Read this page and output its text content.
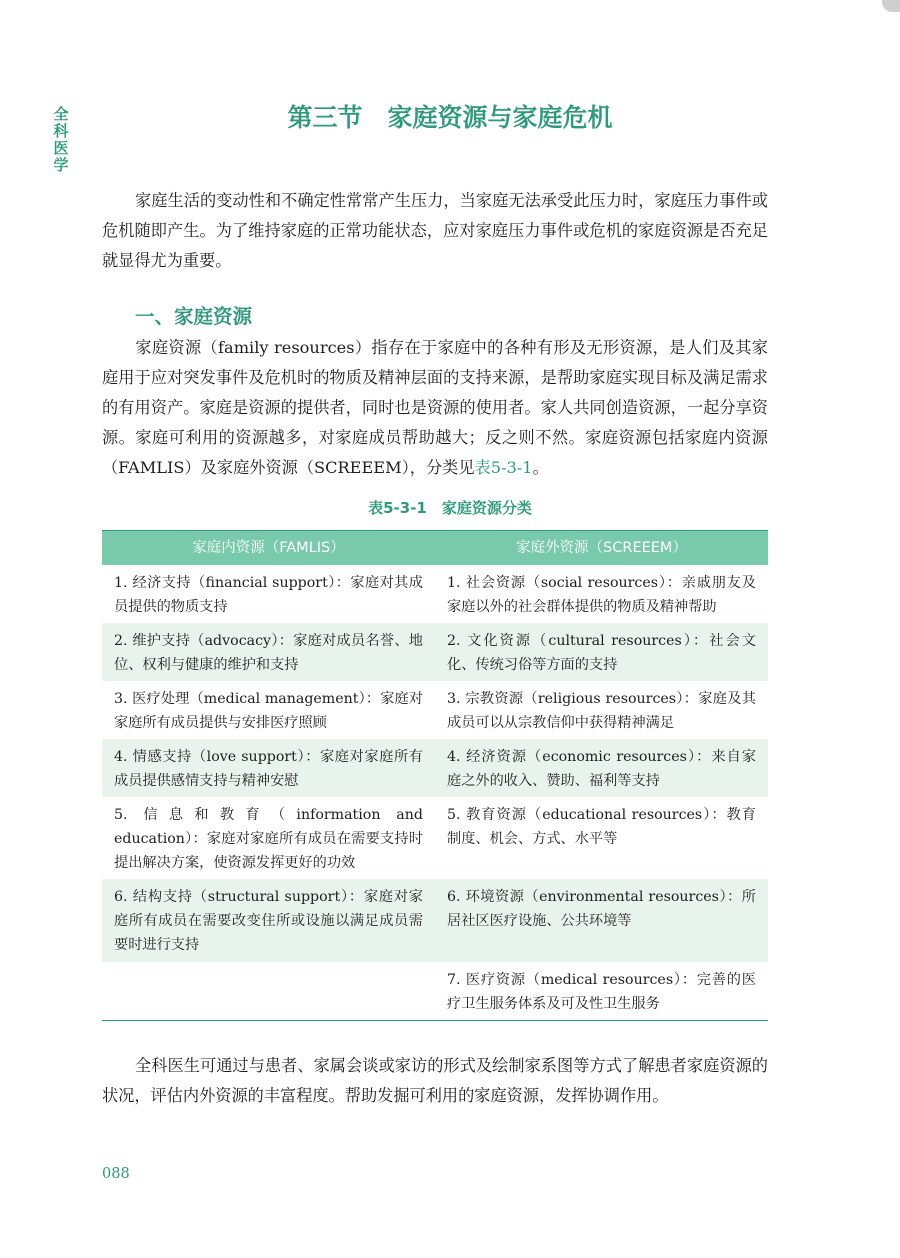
全科医学
第三节　家庭资源与家庭危机

家庭生活的变动性和不确定性常常产生压力，当家庭无法承受此压力时，家庭压力事件或危机随即产生。为了维持家庭的正常功能状态，应对家庭压力事件或危机的家庭资源是否充足就显得尤为重要。

一、家庭资源

家庭资源（family resources）指存在于家庭中的各种有形及无形资源，是人们及其家庭用于应对突发事件及危机时的物质及精神层面的支持来源，是帮助家庭实现目标及满足需求的有用资产。家庭是资源的提供者，同时也是资源的使用者。家人共同创造资源，一起分享资源。家庭可利用的资源越多，对家庭成员帮助越大；反之则不然。家庭资源包括家庭内资源（FAMLIS）及家庭外资源（SCREEEM），分类见表5-3-1。

表5-3-1　家庭资源分类
家庭内资源（FAMLIS）	家庭外资源（SCREEEM）
1. 经济支持（financial support）：家庭对其成员提供的物质支持	1. 社会资源（social resources）：亲戚朋友及家庭以外的社会群体提供的物质及精神帮助
2. 维护支持（advocacy）：家庭对成员名誉、地位、权利与健康的维护和支持	2. 文化资源（cultural resources）：社会文化、传统习俗等方面的支持
3. 医疗处理（medical management）：家庭对家庭所有成员提供与安排医疗照顾	3. 宗教资源（religious resources）：家庭及其成员可以从宗教信仰中获得精神满足
4. 情感支持（love support）：家庭对家庭所有成员提供感情支持与精神安慰	4. 经济资源（economic resources）：来自家庭之外的收入、赞助、福利等支持
5. 信息和教育（information and education）：家庭对家庭所有成员在需要支持时提出解决方案，使资源发挥更好的功效	5. 教育资源（educational resources）：教育制度、机会、方式、水平等
6. 结构支持（structural support）：家庭对家庭所有成员在需要改变住所或设施以满足成员需要时进行支持	6. 环境资源（environmental resources）：所居社区医疗设施、公共环境等
	7. 医疗资源（medical resources）：完善的医疗卫生服务体系及可及性卫生服务

全科医生可通过与患者、家属会谈或家访的形式及绘制家系图等方式了解患者家庭资源的状况，评估内外资源的丰富程度。帮助发掘可利用的家庭资源，发挥协调作用。

088
